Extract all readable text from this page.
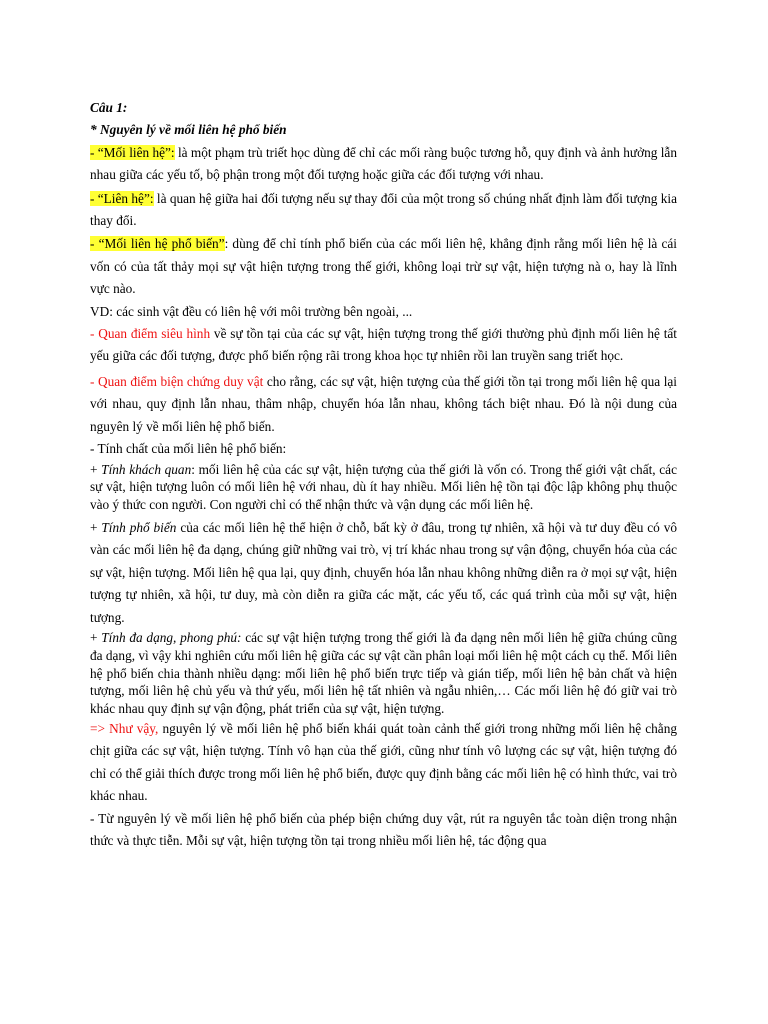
Câu 1:

* Nguyên lý về mối liên hệ phổ biến

- “Mối liên hệ”: là một phạm trù triết học dùng để chỉ các mối ràng buộc tương hỗ, quy định và ảnh hưởng lẫn nhau giữa các yếu tố, bộ phận trong một đối tượng hoặc giữa các đối tượng với nhau.

- “Liên hệ”: là quan hệ giữa hai đối tượng nếu sự thay đổi của một trong số chúng nhất định làm đối tượng kia thay đổi.

- “Mối liên hệ phổ biến”: dùng để chỉ tính phổ biến của các mối liên hệ, khẳng định rằng mối liên hệ là cái vốn có của tất thảy mọi sự vật hiện tượng trong thế giới, không loại trừ sự vật, hiện tượng nà o, hay là lĩnh vực nào.

VD: các sinh vật đều có liên hệ với môi trường bên ngoài, ...

- Quan điểm siêu hình về sự tồn tại của các sự vật, hiện tượng trong thế giới thường phủ định mối liên hệ tất yếu giữa các đối tượng, được phổ biến rộng rãi trong khoa học tự nhiên rồi lan truyền sang triết học.

- Quan điểm biện chứng duy vật cho rằng, các sự vật, hiện tượng của thế giới tồn tại trong mối liên hệ qua lại với nhau, quy định lẫn nhau, thâm nhập, chuyển hóa lẫn nhau, không tách biệt nhau. Đó là nội dung của nguyên lý về mối liên hệ phổ biến.

- Tính chất của mối liên hệ phổ biến:

+ Tính khách quan: mối liên hệ của các sự vật, hiện tượng của thế giới là vốn có. Trong thế giới vật chất, các sự vật, hiện tượng luôn có mối liên hệ với nhau, dù ít hay nhiều. Mối liên hệ tồn tại độc lập không phụ thuộc vào ý thức con người. Con người chỉ có thể nhận thức và vận dụng các mối liên hệ.

+ Tính phổ biến của các mối liên hệ thể hiện ở chỗ, bất kỳ ở đâu, trong tự nhiên, xã hội và tư duy đều có vô vàn các mối liên hệ đa dạng, chúng giữ những vai trò, vị trí khác nhau trong sự vận động, chuyển hóa của các sự vật, hiện tượng. Mối liên hệ qua lại, quy định, chuyển hóa lẫn nhau không những diễn ra ở mọi sự vật, hiện tượng tự nhiên, xã hội, tư duy, mà còn diễn ra giữa các mặt, các yếu tố, các quá trình của mỗi sự vật, hiện tượng.

+ Tính đa dạng, phong phú: các sự vật hiện tượng trong thế giới là đa dạng nên mối liên hệ giữa chúng cũng đa dạng, vì vậy khi nghiên cứu mối liên hệ giữa các sự vật cần phân loại mối liên hệ một cách cụ thể. Mối liên hệ phổ biến chia thành nhiều dạng: mối liên hệ phổ biến trực tiếp và gián tiếp, mối liên hệ bản chất và hiện tượng, mối liên hệ chủ yếu và thứ yếu, mối liên hệ tất nhiên và ngẫu nhiên,… Các mối liên hệ đó giữ vai trò khác nhau quy định sự vận động, phát triển của sự vật, hiện tượng.

=> Như vậy, nguyên lý về mối liên hệ phổ biến khái quát toàn cảnh thế giới trong những mối liên hệ chằng chịt giữa các sự vật, hiện tượng. Tính vô hạn của thế giới, cũng như tính vô lượng các sự vật, hiện tượng đó chỉ có thể giải thích được trong mối liên hệ phổ biến, được quy định bằng các mối liên hệ có hình thức, vai trò khác nhau.

- Từ nguyên lý về mối liên hệ phổ biến của phép biện chứng duy vật, rút ra nguyên tắc toàn diện trong nhận thức và thực tiễn. Mỗi sự vật, hiện tượng tồn tại trong nhiều mối liên hệ, tác động qua
